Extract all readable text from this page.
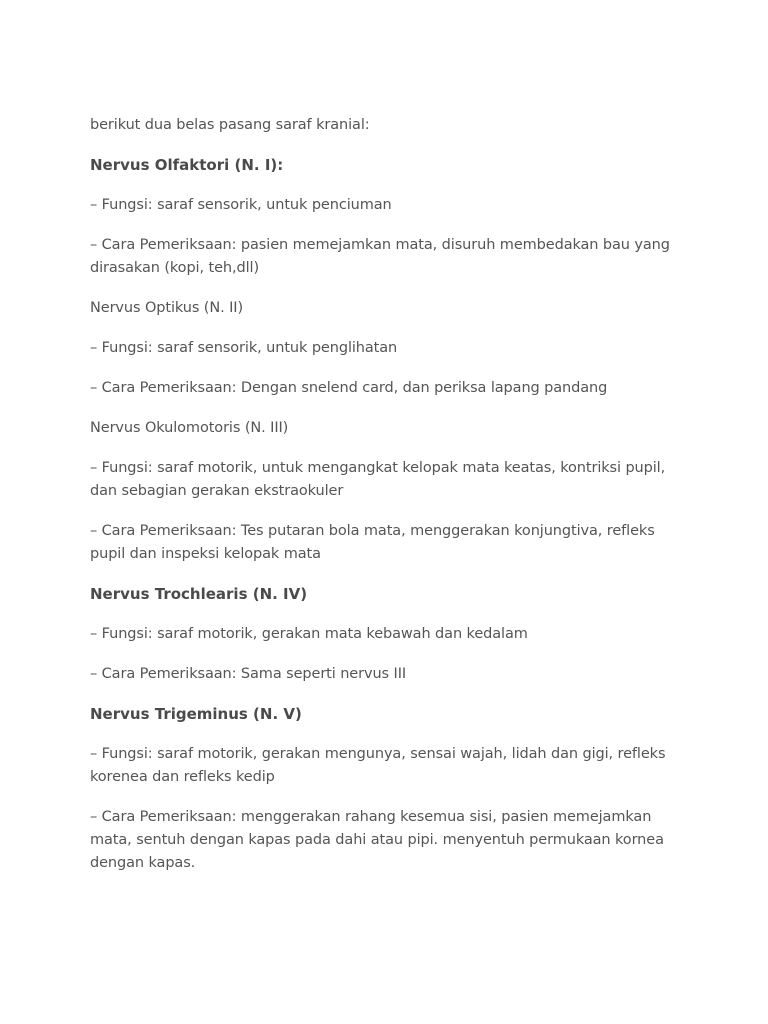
berikut dua belas pasang saraf kranial:

Nervus Olfaktori (N. I):

– Fungsi: saraf sensorik, untuk penciuman

– Cara Pemeriksaan: pasien memejamkan mata, disuruh membedakan bau yang dirasakan (kopi, teh,dll)

Nervus Optikus (N. II)

– Fungsi: saraf sensorik, untuk penglihatan

– Cara Pemeriksaan: Dengan snelend card, dan periksa lapang pandang

Nervus Okulomotoris (N. III)

– Fungsi: saraf motorik, untuk mengangkat kelopak mata keatas, kontriksi pupil, dan sebagian gerakan ekstraokuler

– Cara Pemeriksaan: Tes putaran bola mata, menggerakan konjungtiva, refleks pupil dan inspeksi kelopak mata

Nervus Trochlearis (N. IV)

– Fungsi: saraf motorik, gerakan mata kebawah dan kedalam

– Cara Pemeriksaan: Sama seperti nervus III

Nervus Trigeminus (N. V)

– Fungsi: saraf motorik, gerakan mengunya, sensai wajah, lidah dan gigi, refleks korenea dan refleks kedip

– Cara Pemeriksaan: menggerakan rahang kesemua sisi, pasien memejamkan mata, sentuh dengan kapas pada dahi atau pipi. menyentuh permukaan kornea dengan kapas.
